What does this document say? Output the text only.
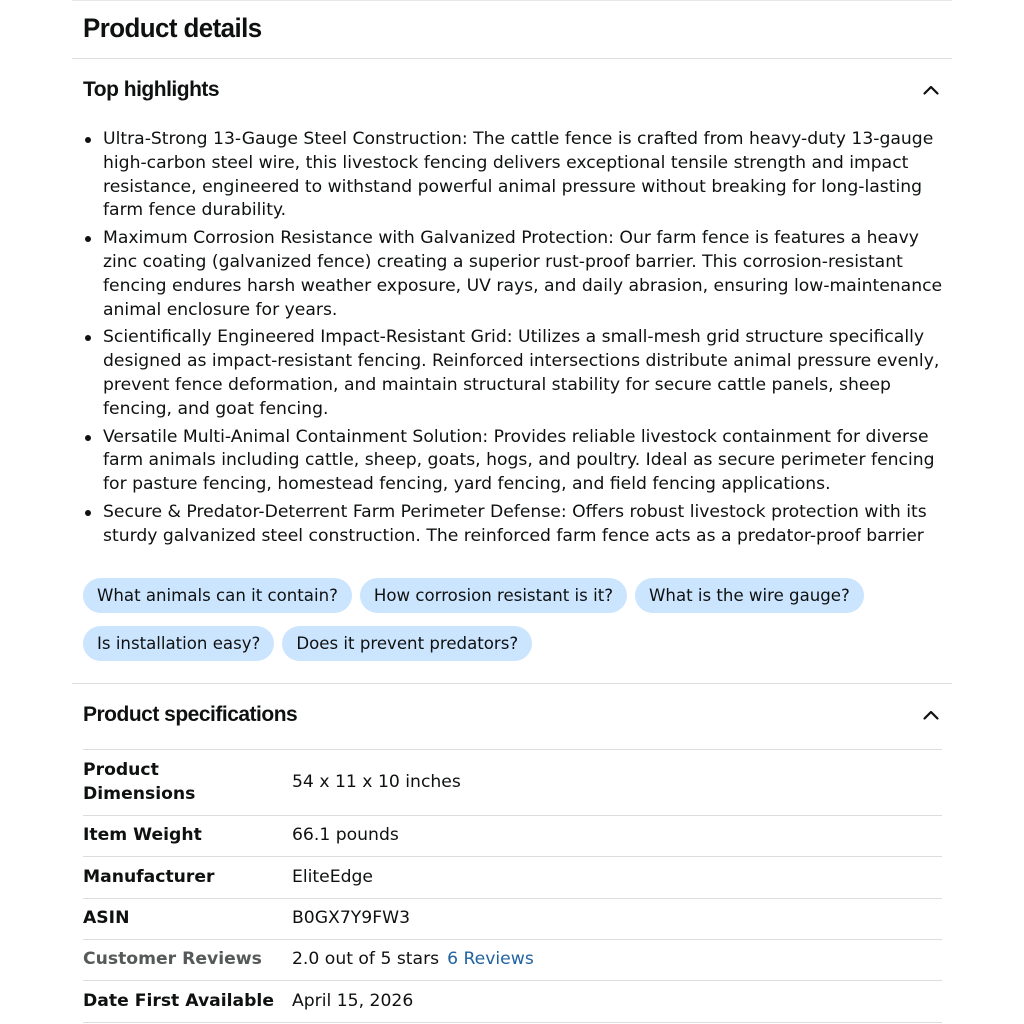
Product details
Top highlights
Ultra-Strong 13-Gauge Steel Construction: The cattle fence is crafted from heavy-duty 13-gauge high-carbon steel wire, this livestock fencing delivers exceptional tensile strength and impact resistance, engineered to withstand powerful animal pressure without breaking for long-lasting farm fence durability.
Maximum Corrosion Resistance with Galvanized Protection: Our farm fence is features a heavy zinc coating (galvanized fence) creating a superior rust-proof barrier. This corrosion-resistant fencing endures harsh weather exposure, UV rays, and daily abrasion, ensuring low-maintenance animal enclosure for years.
Scientifically Engineered Impact-Resistant Grid: Utilizes a small-mesh grid structure specifically designed as impact-resistant fencing. Reinforced intersections distribute animal pressure evenly, prevent fence deformation, and maintain structural stability for secure cattle panels, sheep fencing, and goat fencing.
Versatile Multi-Animal Containment Solution: Provides reliable livestock containment for diverse farm animals including cattle, sheep, goats, hogs, and poultry. Ideal as secure perimeter fencing for pasture fencing, homestead fencing, yard fencing, and field fencing applications.
Secure & Predator-Deterrent Farm Perimeter Defense: Offers robust livestock protection with its sturdy galvanized steel construction. The reinforced farm fence acts as a predator-proof barrier
What animals can it contain?	How corrosion resistant is it?	What is the wire gauge?
Is installation easy?	Does it prevent predators?
Product specifications
Product
Dimensions	54 x 11 x 10 inches
Item Weight	66.1 pounds
Manufacturer	EliteEdge
ASIN	B0GX7Y9FW3
Customer Reviews	2.0 out of 5 stars 6 Reviews
Date First Available	April 15, 2026
